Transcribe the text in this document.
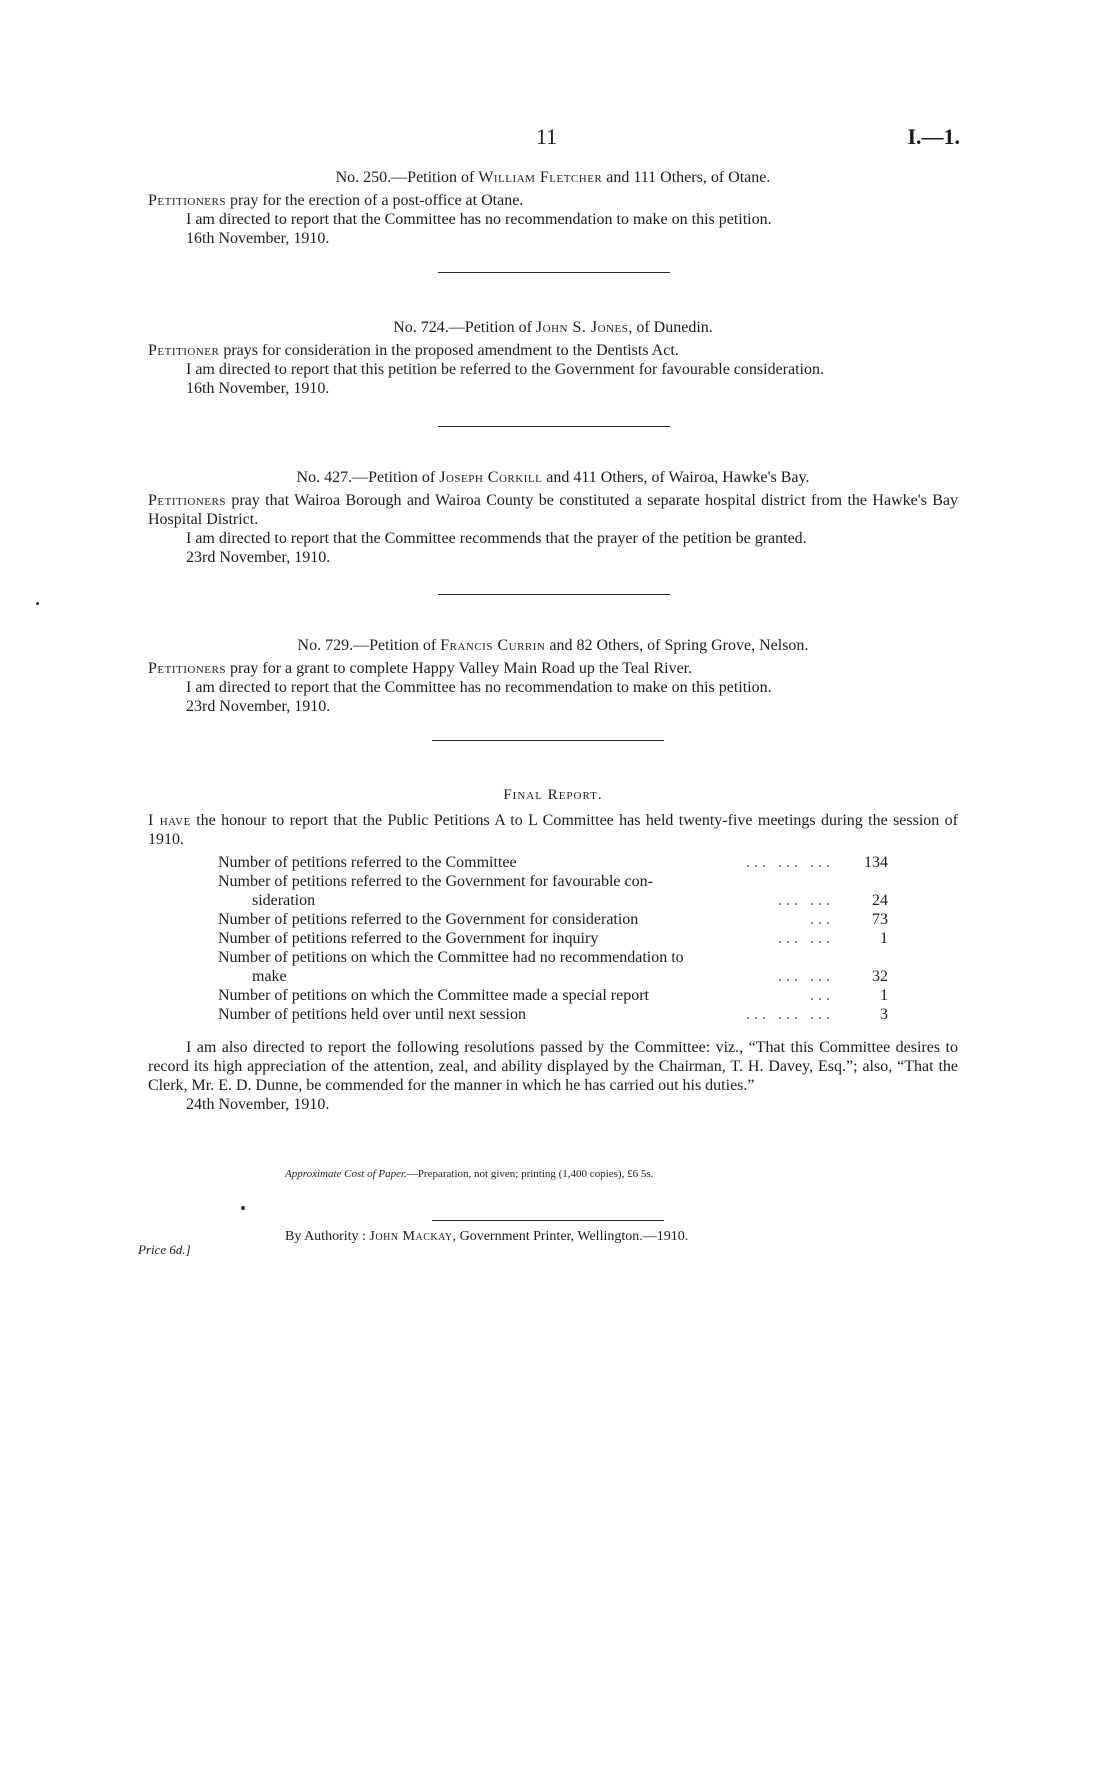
11	I.—1.

No. 250.—Petition of William Fletcher and 111 Others, of Otane.

Petitioners pray for the erection of a post-office at Otane.

I am directed to report that the Committee has no recommendation to make on this petition.

16th November, 1910.

No. 724.—Petition of John S. Jones, of Dunedin.

Petitioner prays for consideration in the proposed amendment to the Dentists Act.

I am directed to report that this petition be referred to the Government for favourable consideration.

16th November, 1910.

No. 427.—Petition of Joseph Corkill and 411 Others, of Wairoa, Hawke's Bay.

Petitioners pray that Wairoa Borough and Wairoa County be constituted a separate hospital district from the Hawke's Bay Hospital District.

I am directed to report that the Committee recommends that the prayer of the petition be granted.

23rd November, 1910.

No. 729.—Petition of Francis Currin and 82 Others, of Spring Grove, Nelson.

Petitioners pray for a grant to complete Happy Valley Main Road up the Teal River.

I am directed to report that the Committee has no recommendation to make on this petition.

23rd November, 1910.

Final Report.

I have the honour to report that the Public Petitions A to L Committee has held twenty-five meetings during the session of 1910.

Number of petitions referred to the Committee	... ... ...	134
Number of petitions referred to the Government for favourable con-
sideration	... ...	24
Number of petitions referred to the Government for consideration	...	73
Number of petitions referred to the Government for inquiry	... ...	1
Number of petitions on which the Committee had no recommendation to
make	... ...	32
Number of petitions on which the Committee made a special report	...	1
Number of petitions held over until next session	... ... ...	3

I am also directed to report the following resolutions passed by the Committee: viz., “That this Committee desires to record its high appreciation of the attention, zeal, and ability displayed by the Chairman, T. H. Davey, Esq.”; also, “That the Clerk, Mr. E. D. Dunne, be commended for the manner in which he has carried out his duties.”

24th November, 1910.

Approximate Cost of Paper.—Preparation, not given; printing (1,400 copies), £6 5s.
By Authority : John Mackay, Government Printer, Wellington.—1910.
Price 6d.]
